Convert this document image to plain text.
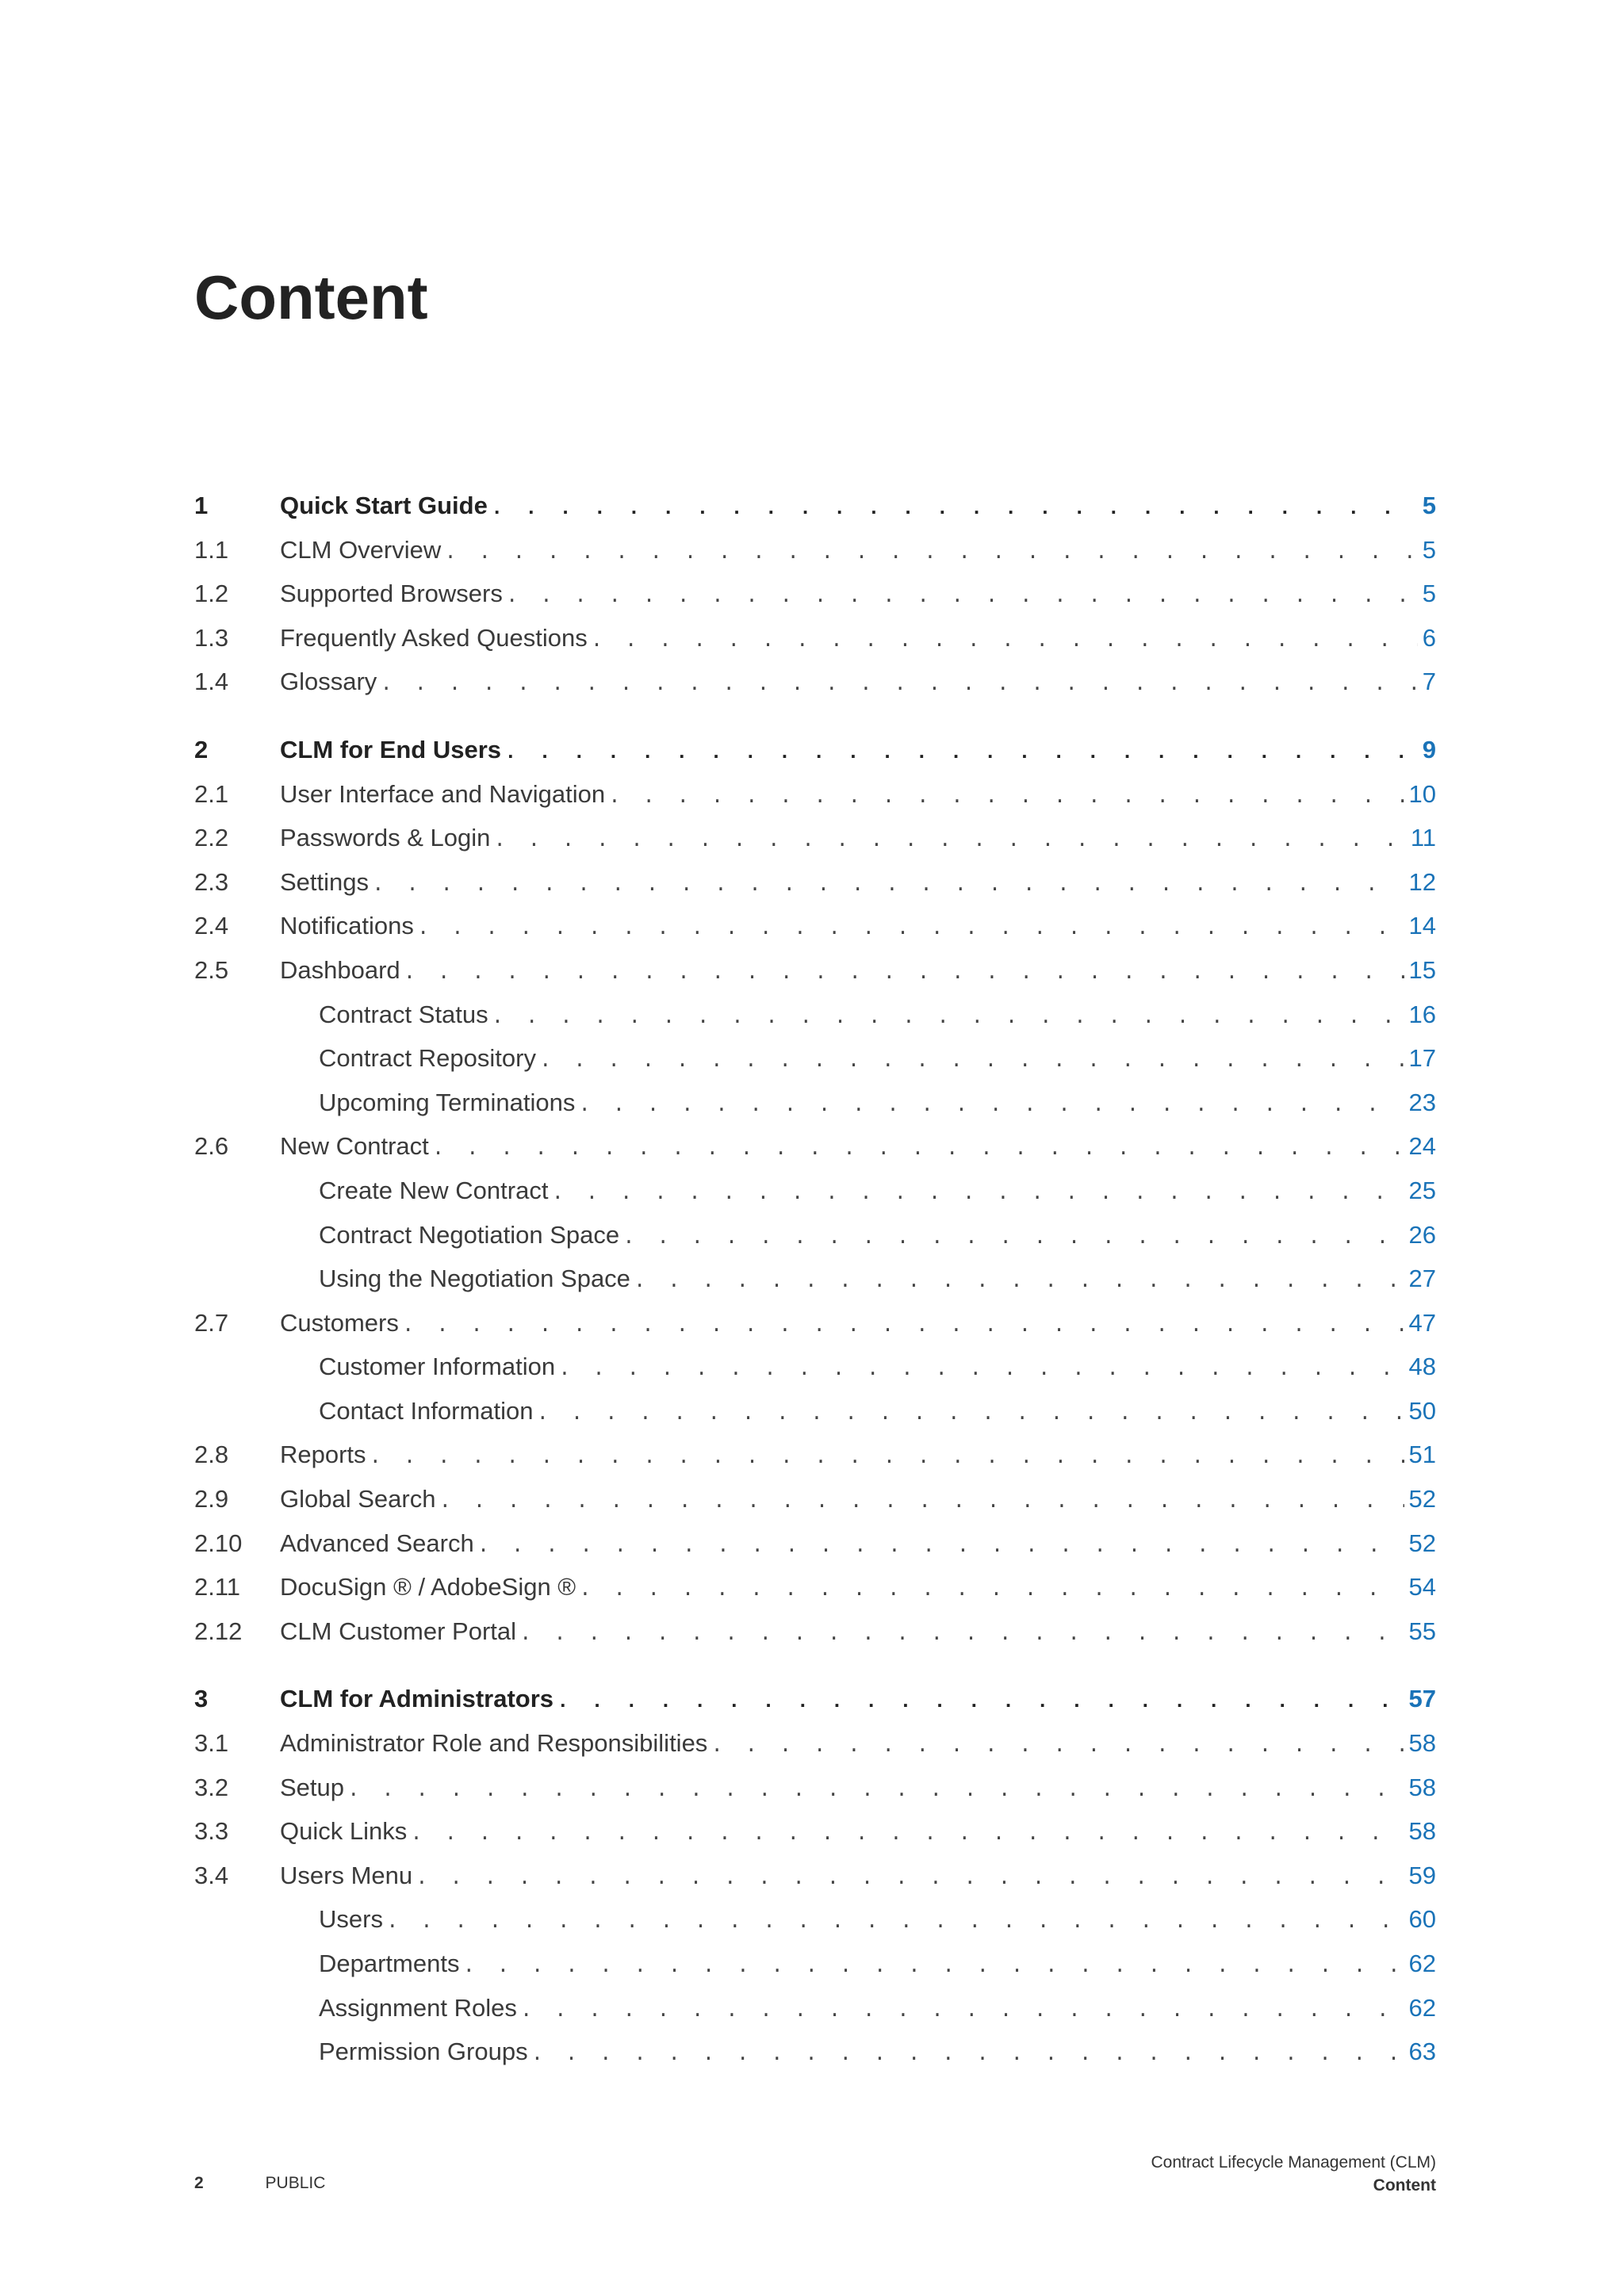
Content
1	Quick Start Guide . . .	5
1.1	CLM Overview . . .	5
1.2	Supported Browsers . . .	5
1.3	Frequently Asked Questions . . .	6
1.4	Glossary . . .	7
2	CLM for End Users . . .	9
2.1	User Interface and Navigation . . .	10
2.2	Passwords & Login . . .	11
2.3	Settings . . .	12
2.4	Notifications . . .	14
2.5	Dashboard . . .	15
Contract Status . . .	16
Contract Repository . . .	17
Upcoming Terminations . . .	23
2.6	New Contract . . .	24
Create New Contract . . .	25
Contract Negotiation Space . . .	26
Using the Negotiation Space . . .	27
2.7	Customers . . .	47
Customer Information . . .	48
Contact Information . . .	50
2.8	Reports . . .	51
2.9	Global Search . . .	52
2.10	Advanced Search . . .	52
2.11	DocuSign ® / AdobeSign ® . . .	54
2.12	CLM Customer Portal . . .	55
3	CLM for Administrators . . .	57
3.1	Administrator Role and Responsibilities . . .	58
3.2	Setup . . .	58
3.3	Quick Links . . .	58
3.4	Users Menu . . .	59
Users . . .	60
Departments . . .	62
Assignment Roles . . .	62
Permission Groups . . .	63
2	PUBLIC
Contract Lifecycle Management (CLM)
Content
